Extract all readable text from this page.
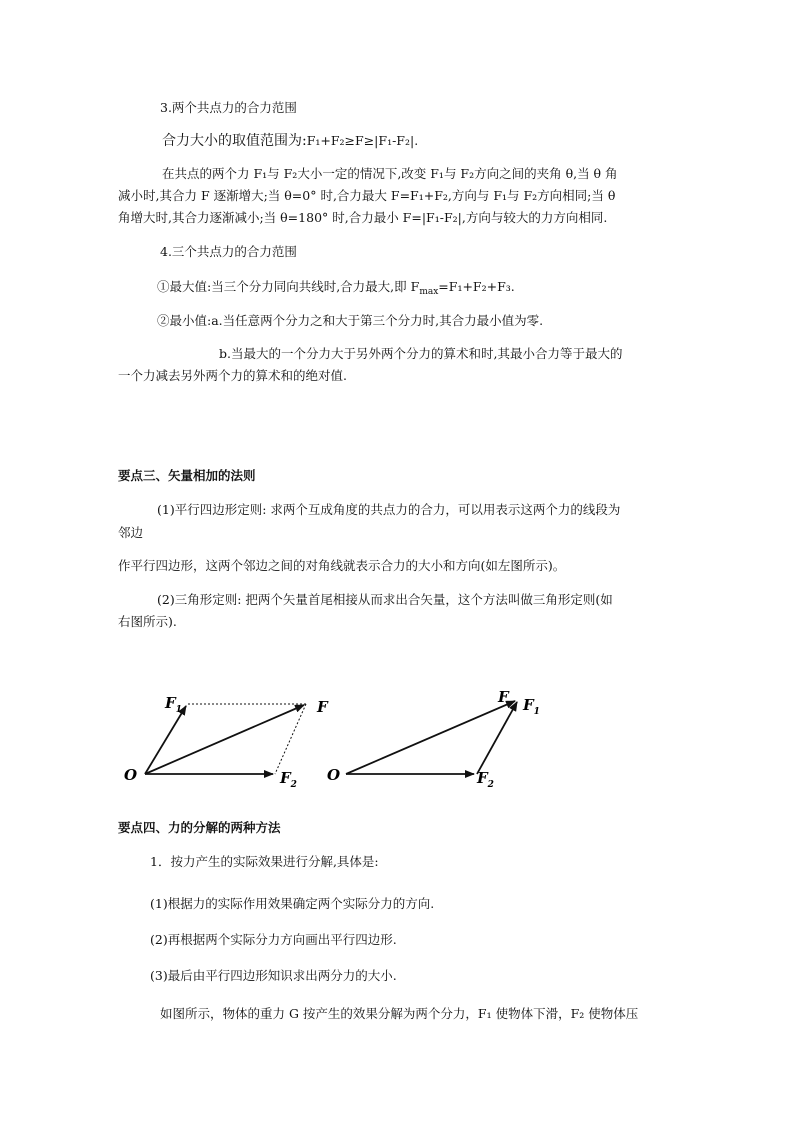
3.两个共点力的合力范围
合力大小的取值范围为:F₁+F₂≥F≥|F₁-F₂|.
在共点的两个力 F₁与 F₂大小一定的情况下,改变 F₁与 F₂方向之间的夹角 θ,当 θ 角
减小时,其合力 F 逐渐增大;当 θ=0° 时,合力最大 F=F₁+F₂,方向与 F₁与 F₂方向相同;当 θ
角增大时,其合力逐渐减小;当 θ=180° 时,合力最小 F=|F₁-F₂|,方向与较大的力方向相同.
4.三个共点力的合力范围
①最大值:当三个分力同向共线时,合力最大,即 $F_{max}=F_1+F_2+F_3$.
②最小值:a.当任意两个分力之和大于第三个分力时,其合力最小值为零.
b.当最大的一个分力大于另外两个分力的算术和时,其最小合力等于最大的
一个力减去另外两个力的算术和的绝对值.
要点三、矢量相加的法则
(1)平行四边形定则: 求两个互成角度的共点力的合力，可以用表示这两个力的线段为
邻边
作平行四边形，这两个邻边之间的对角线就表示合力的大小和方向(如左图所示)。
(2)三角形定则: 把两个矢量首尾相接从而求出合矢量，这个方法叫做三角形定则(如
右图所示).
O
$F_1$	F
$F_2$
O
F $F_1$
$F_2$
要点四、力的分解的两种方法
1．按力产生的实际效果进行分解,具体是:
(1)根据力的实际作用效果确定两个实际分力的方向.
(2)再根据两个实际分力方向画出平行四边形.
(3)最后由平行四边形知识求出两分力的大小.
如图所示，物体的重力 G 按产生的效果分解为两个分力，F₁ 使物体下滑，F₂ 使物体压
